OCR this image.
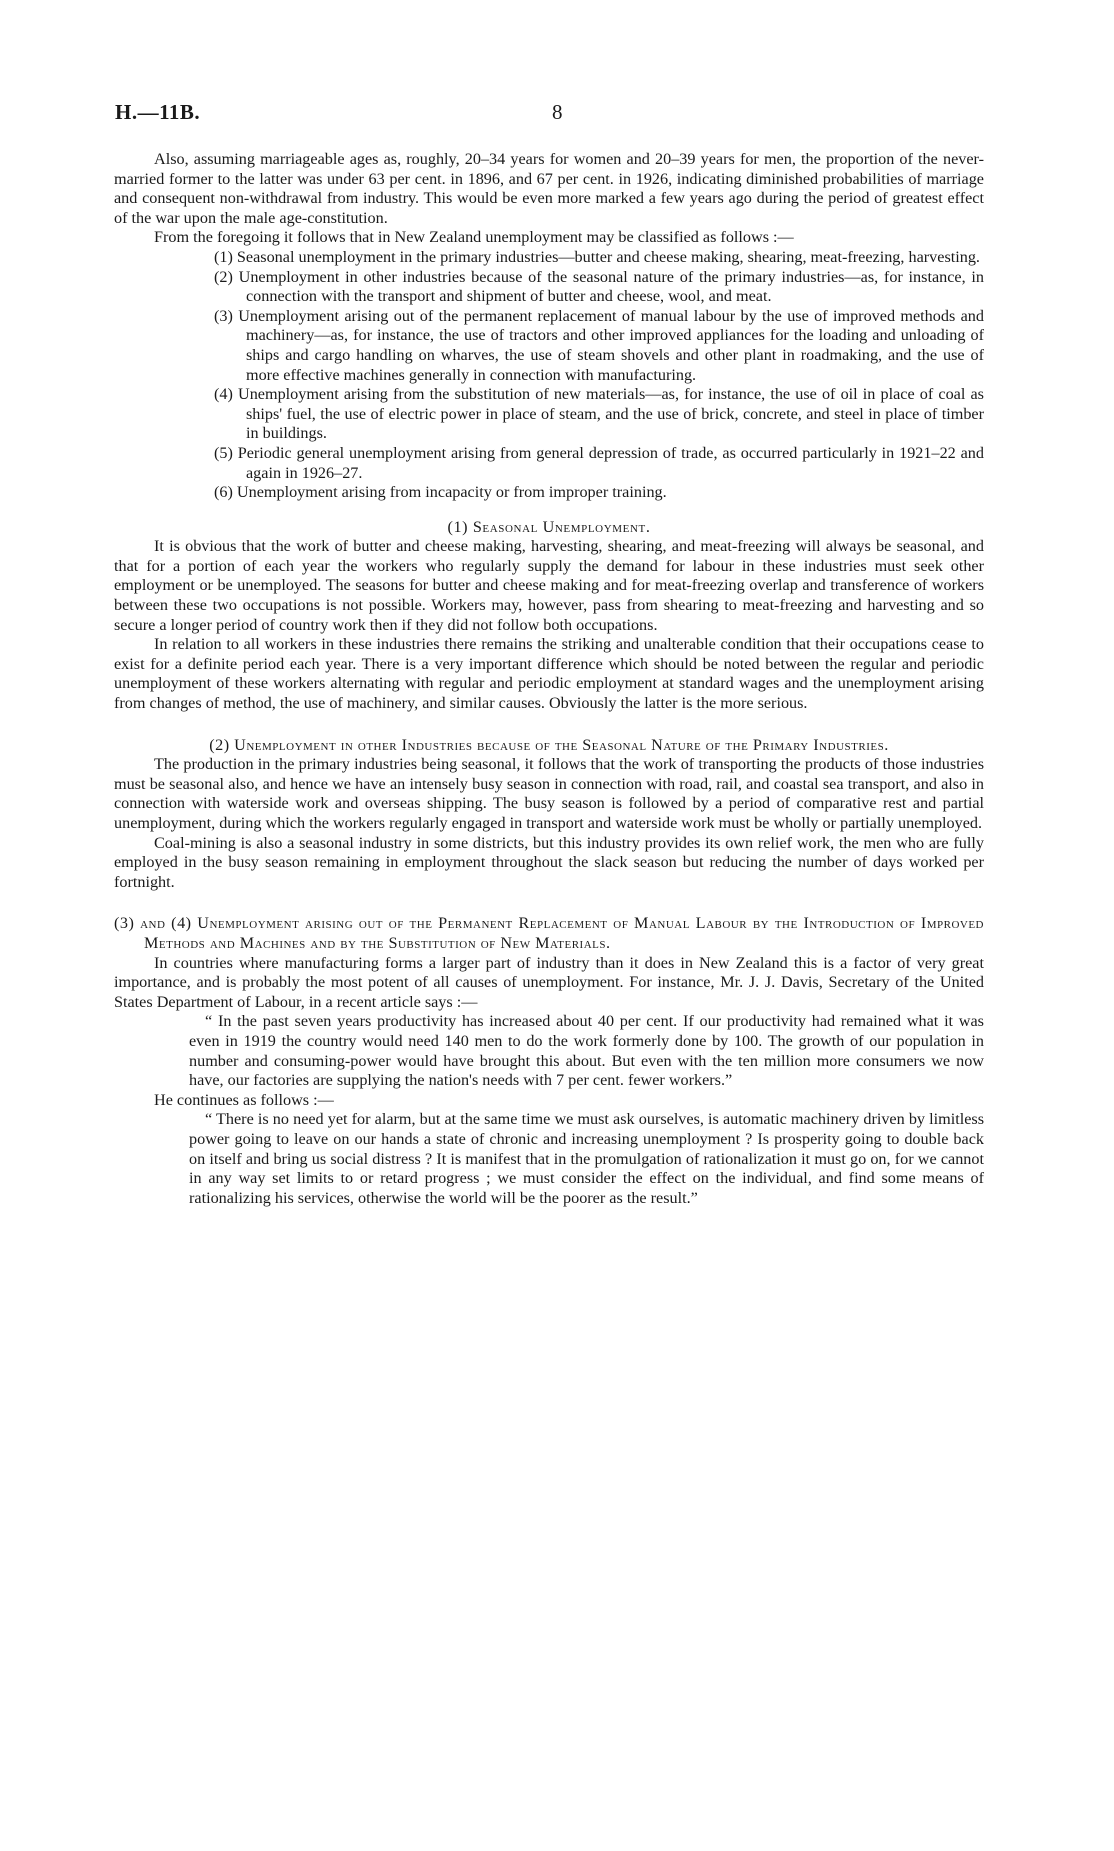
H.—11B.	8

Also, assuming marriageable ages as, roughly, 20–34 years for women and 20–39 years for men, the proportion of the never-married former to the latter was under 63 per cent. in 1896, and 67 per cent. in 1926, indicating diminished probabilities of marriage and consequent non-withdrawal from industry. This would be even more marked a few years ago during the period of greatest effect of the war upon the male age-constitution.

From the foregoing it follows that in New Zealand unemployment may be classified as follows :—

(1) Seasonal unemployment in the primary industries—butter and cheese making, shearing, meat-freezing, harvesting.
(2) Unemployment in other industries because of the seasonal nature of the primary industries—as, for instance, in connection with the transport and shipment of butter and cheese, wool, and meat.
(3) Unemployment arising out of the permanent replacement of manual labour by the use of improved methods and machinery—as, for instance, the use of tractors and other improved appliances for the loading and unloading of ships and cargo handling on wharves, the use of steam shovels and other plant in roadmaking, and the use of more effective machines generally in connection with manufacturing.
(4) Unemployment arising from the substitution of new materials—as, for instance, the use of oil in place of coal as ships' fuel, the use of electric power in place of steam, and the use of brick, concrete, and steel in place of timber in buildings.
(5) Periodic general unemployment arising from general depression of trade, as occurred particularly in 1921–22 and again in 1926–27.
(6) Unemployment arising from incapacity or from improper training.

(1) Seasonal Unemployment.

It is obvious that the work of butter and cheese making, harvesting, shearing, and meat-freezing will always be seasonal, and that for a portion of each year the workers who regularly supply the demand for labour in these industries must seek other employment or be unemployed. The seasons for butter and cheese making and for meat-freezing overlap and transference of workers between these two occupations is not possible. Workers may, however, pass from shearing to meat-freezing and harvesting and so secure a longer period of country work then if they did not follow both occupations.

In relation to all workers in these industries there remains the striking and unalterable condition that their occupations cease to exist for a definite period each year. There is a very important difference which should be noted between the regular and periodic unemployment of these workers alternating with regular and periodic employment at standard wages and the unemployment arising from changes of method, the use of machinery, and similar causes. Obviously the latter is the more serious.

(2) Unemployment in other Industries because of the Seasonal Nature of the Primary Industries.

The production in the primary industries being seasonal, it follows that the work of transporting the products of those industries must be seasonal also, and hence we have an intensely busy season in connection with road, rail, and coastal sea transport, and also in connection with waterside work and overseas shipping. The busy season is followed by a period of comparative rest and partial unemployment, during which the workers regularly engaged in transport and waterside work must be wholly or partially unemployed.

Coal-mining is also a seasonal industry in some districts, but this industry provides its own relief work, the men who are fully employed in the busy season remaining in employment throughout the slack season but reducing the number of days worked per fortnight.

(3) and (4) Unemployment arising out of the Permanent Replacement of Manual Labour by the Introduction of Improved Methods and Machines and by the Substitution of New Materials.

In countries where manufacturing forms a larger part of industry than it does in New Zealand this is a factor of very great importance, and is probably the most potent of all causes of unemployment. For instance, Mr. J. J. Davis, Secretary of the United States Department of Labour, in a recent article says :—

“ In the past seven years productivity has increased about 40 per cent. If our productivity had remained what it was even in 1919 the country would need 140 men to do the work formerly done by 100. The growth of our population in number and consuming-power would have brought this about. But even with the ten million more consumers we now have, our factories are supplying the nation's needs with 7 per cent. fewer workers.”

He continues as follows :—

“ There is no need yet for alarm, but at the same time we must ask ourselves, is automatic machinery driven by limitless power going to leave on our hands a state of chronic and increasing unemployment ? Is prosperity going to double back on itself and bring us social distress ? It is manifest that in the promulgation of rationalization it must go on, for we cannot in any way set limits to or retard progress ; we must consider the effect on the individual, and find some means of rationalizing his services, otherwise the world will be the poorer as the result.”
